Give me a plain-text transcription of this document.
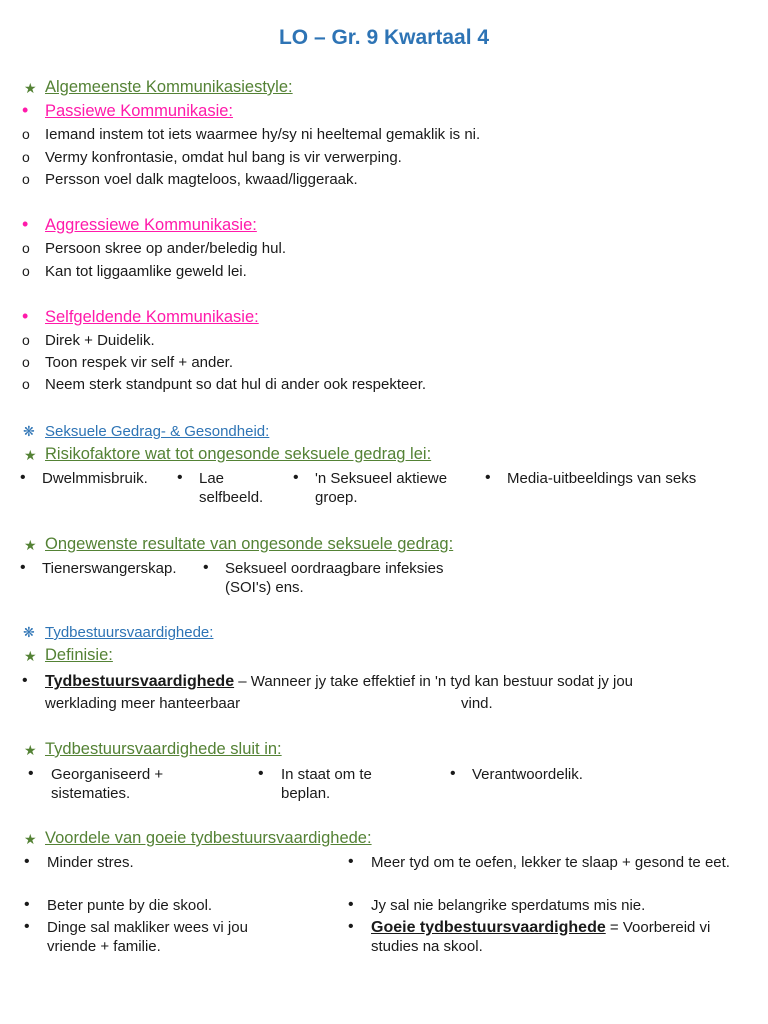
LO – Gr. 9 Kwartaal 4
★ Algemeenste Kommunikasiestyle:
• Passiewe Kommunikasie:
o Iemand instem tot iets waarmee hy/sy ni heeltemal gemaklik is ni.
o Vermy konfrontasie, omdat hul bang is vir verwerping.
o Persson voel dalk magteloos, kwaad/liggeraak.
• Aggressiewe Kommunikasie:
o Persoon skree op ander/beledig hul.
o Kan tot liggaamlike geweld lei.
• Selfgeldende Kommunikasie:
o Direk + Duidelik.
o Toon respek vir self + ander.
o Neem sterk standpunt so dat hul di ander ook respekteer.
❋ Seksuele Gedrag- & Gesondheid:
★ Risikofaktore wat tot ongesonde seksuele gedrag lei:
• Dwelmmisbruik. • Lae selfbeeld.
• 'n Seksueel aktiewe groep.
• Media-uitbeeldings van seks
★ Ongewenste resultate van ongesonde seksuele gedrag:
• Tienerswangerskap. • Seksueel oordraagbare infeksies (SOI's) ens.
❋ Tydbestuursvaardighede:
★ Definisie:
• Tydbestuursvaardighede – Wanneer jy take effektief in 'n tyd kan bestuur sodat jy jou
werklading meer hanteerbaar	vind.
★ Tydbestuursvaardighede sluit in:
• Georganiseerd + sistematies.
• In staat om te beplan.
• Verantwoordelik.
★ Voordele van goeie tydbestuursvaardighede:
• Minder stres.
• Beter punte by die skool.
• Dinge sal makliker wees vi jou vriende + familie.
• Meer tyd om te oefen, lekker te slaap + gesond te eet.
• Jy sal nie belangrike sperdatums mis nie.
• Goeie tydbestuursvaardighede = Voorbereid vi studies na skool.
